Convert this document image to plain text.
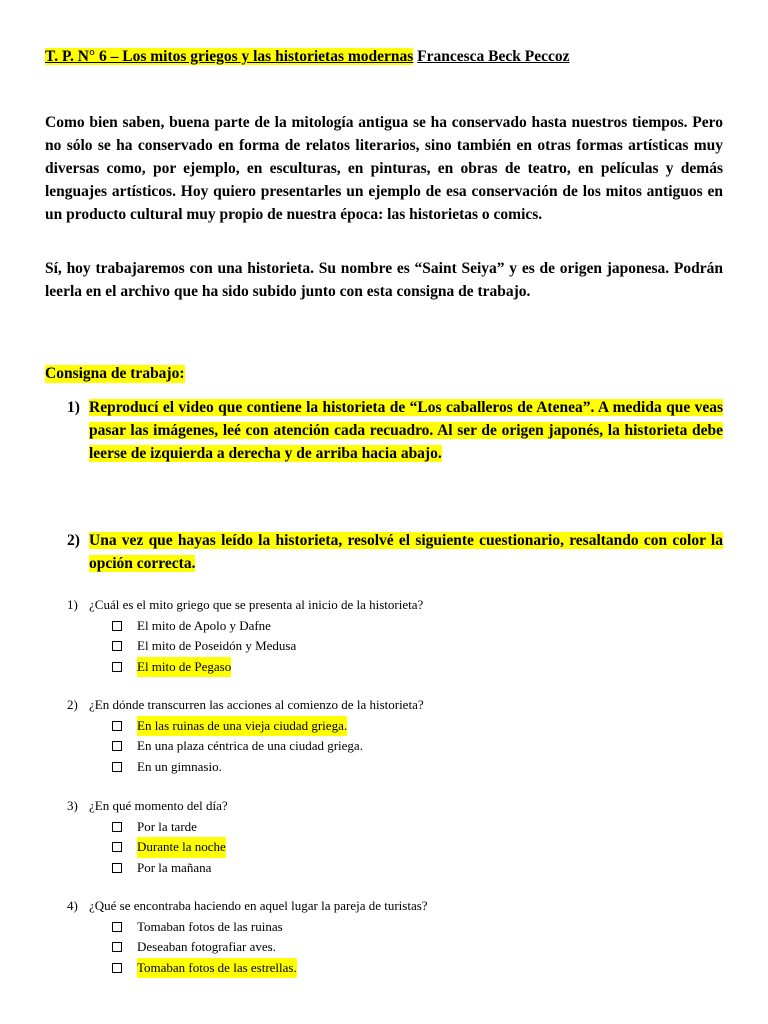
T. P. N° 6 – Los mitos griegos y las historietas modernas Francesca Beck Peccoz

Como bien saben, buena parte de la mitología antigua se ha conservado hasta nuestros tiempos. Pero no sólo se ha conservado en forma de relatos literarios, sino también en otras formas artísticas muy diversas como, por ejemplo, en esculturas, en pinturas, en obras de teatro, en películas y demás lenguajes artísticos. Hoy quiero presentarles un ejemplo de esa conservación de los mitos antiguos en un producto cultural muy propio de nuestra época: las historietas o comics.

Sí, hoy trabajaremos con una historieta. Su nombre es “Saint Seiya” y es de origen japonesa. Podrán leerla en el archivo que ha sido subido junto con esta consigna de trabajo.

Consigna de trabajo:
1) Reproducí el video que contiene la historieta de “Los caballeros de Atenea”. A medida que veas pasar las imágenes, leé con atención cada recuadro. Al ser de origen japonés, la historieta debe leerse de izquierda a derecha y de arriba hacia abajo.
2) Una vez que hayas leído la historieta, resolvé el siguiente cuestionario, resaltando con color la opción correcta.
1) ¿Cuál es el mito griego que se presenta al inicio de la historieta?
El mito de Apolo y Dafne
El mito de Poseidón y Medusa
El mito de Pegaso
2) ¿En dónde transcurren las acciones al comienzo de la historieta?
En las ruinas de una vieja ciudad griega.
En una plaza céntrica de una ciudad griega.
En un gimnasio.
3) ¿En qué momento del día?
Por la tarde
Durante la noche
Por la mañana
4) ¿Qué se encontraba haciendo en aquel lugar la pareja de turistas?
Tomaban fotos de las ruinas
Deseaban fotografiar aves.
Tomaban fotos de las estrellas.
